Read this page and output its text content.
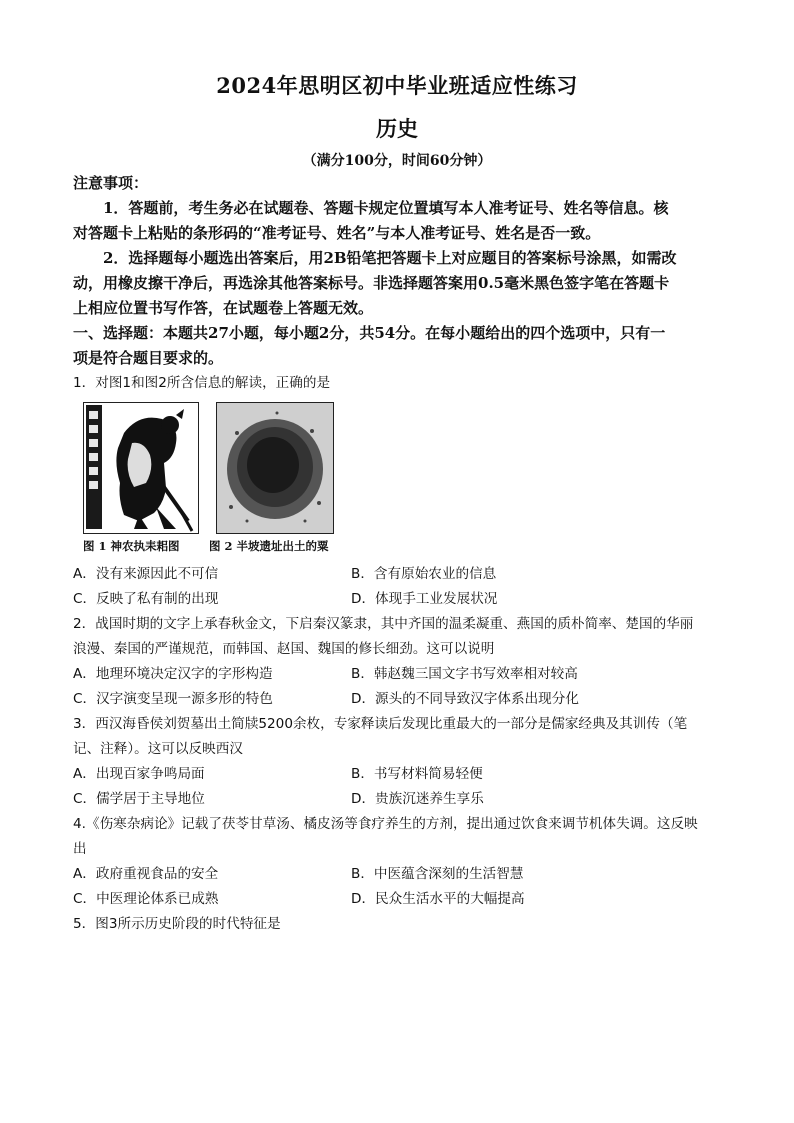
2024年思明区初中毕业班适应性练习
历史
（满分100分，时间60分钟）
注意事项：
1．答题前，考生务必在试题卷、答题卡规定位置填写本人准考证号、姓名等信息。核
对答题卡上粘贴的条形码的“准考证号、姓名”与本人准考证号、姓名是否一致。
2．选择题每小题选出答案后，用2B铅笔把答题卡上对应题目的答案标号涂黑，如需改
动，用橡皮擦干净后，再选涂其他答案标号。非选择题答案用0.5毫米黑色签字笔在答题卡
上相应位置书写作答，在试题卷上答题无效。
一、选择题：本题共27小题，每小题2分，共54分。在每小题给出的四个选项中，只有一
项是符合题目要求的。
1．对图1和图2所含信息的解读，正确的是
图 1 神农执耒耜图	图 2 半坡遗址出土的粟
A．没有来源因此不可信	B．含有原始农业的信息
C．反映了私有制的出现	D．体现手工业发展状况
2．战国时期的文字上承春秋金文，下启秦汉篆隶，其中齐国的温柔凝重、燕国的质朴简率、楚国的华丽
浪漫、秦国的严谨规范，而韩国、赵国、魏国的修长细劲。这可以说明
A．地理环境决定汉字的字形构造	B．韩赵魏三国文字书写效率相对较高
C．汉字演变呈现一源多形的特色	D．源头的不同导致汉字体系出现分化
3．西汉海昏侯刘贺墓出土简牍5200余枚，专家释读后发现比重最大的一部分是儒家经典及其训传（笔
记、注释）。这可以反映西汉
A．出现百家争鸣局面	B．书写材料简易轻便
C．儒学居于主导地位	D．贵族沉迷养生享乐
4.《伤寒杂病论》记载了茯苓甘草汤、橘皮汤等食疗养生的方剂，提出通过饮食来调节机体失调。这反映
出
A．政府重视食品的安全	B．中医蕴含深刻的生活智慧
C．中医理论体系已成熟	D．民众生活水平的大幅提高
5．图3所示历史阶段的时代特征是
